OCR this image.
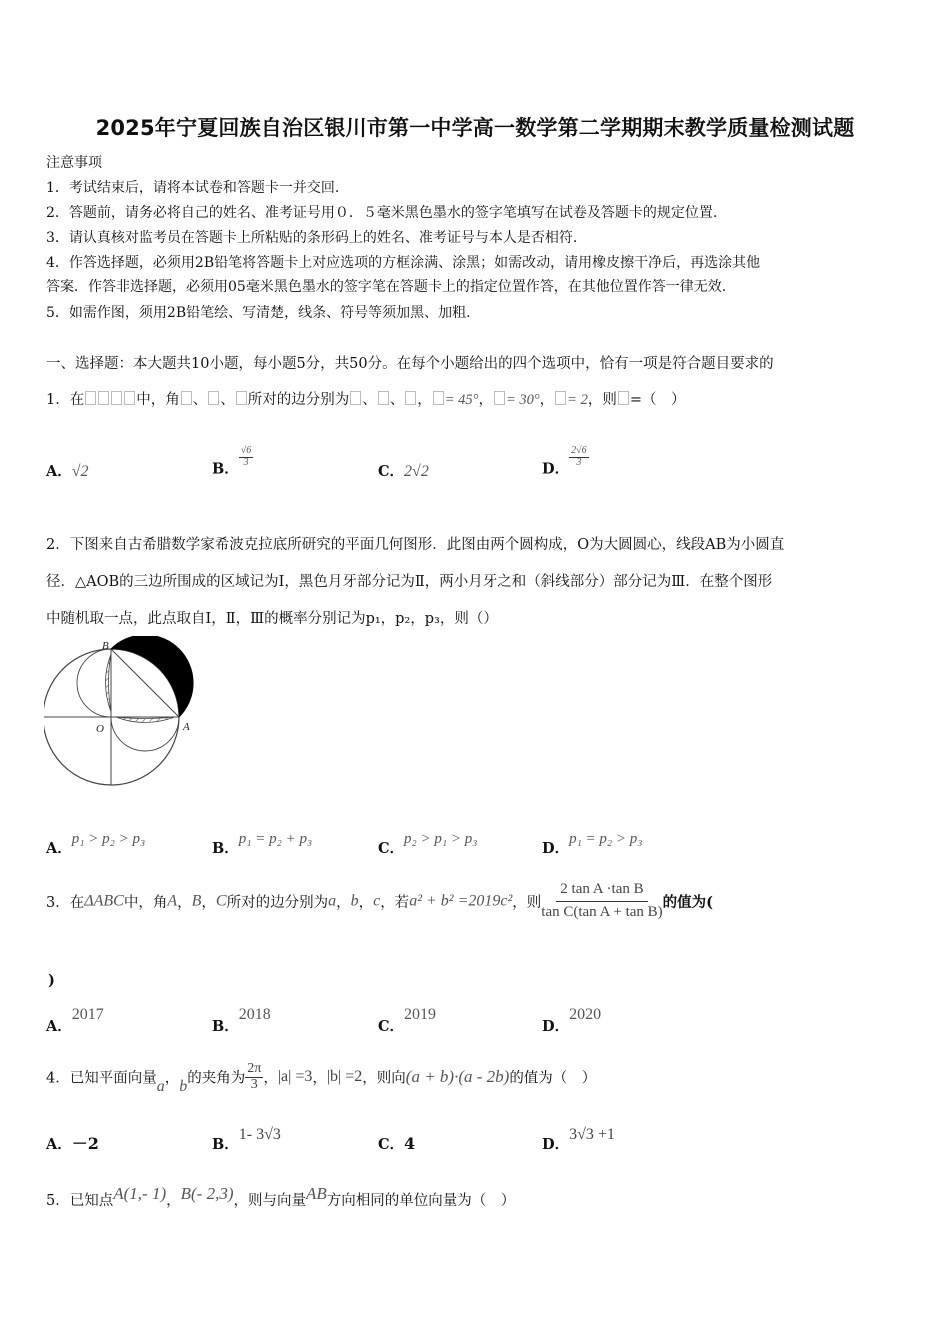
2025年宁夏回族自治区银川市第一中学高一数学第二学期期末教学质量检测试题
注意事项
1．考试结束后，请将本试卷和答题卡一并交回.
2．答题前，请务必将自己的姓名、准考证号用０．５毫米黑色墨水的签字笔填写在试卷及答题卡的规定位置.
3．请认真核对监考员在答题卡上所粘贴的条形码上的姓名、准考证号与本人是否相符.
4．作答选择题，必须用2B铅笔将答题卡上对应选项的方框涂满、涂黑；如需改动，请用橡皮擦干净后，再选涂其他
答案．作答非选择题，必须用05毫米黑色墨水的签字笔在答题卡上的指定位置作答，在其他位置作答一律无效.
5．如需作图，须用2B铅笔绘、写清楚，线条、符号等须加黑、加粗.
一、选择题：本大题共10小题，每小题5分，共50分。在每个小题给出的四个选项中，恰有一项是符合题目要求的
1．在	中，角 、 、 所对的边分别为 、 、 ， = 45°， = 30°， = 2，则 =（　）
A．√2	B．
$\frac{√6}{3}$
C．2√2	D．
$\frac{2√6}{3}$
2．下图来自古希腊数学家希波克拉底所研究的平面几何图形．此图由两个圆构成，O为大圆圆心，线段AB为小圆直
径．△AOB的三边所围成的区域记为I，黑色月牙部分记为Ⅱ，两小月牙之和（斜线部分）部分记为Ⅲ．在整个图形
中随机取一点，此点取自Ⅰ，Ⅱ，Ⅲ的概率分别记为p₁，p₂，p₃，则（）
B
O	A
A．p₁ > p₂ > p₃
B．p₁ = p₂ + p₃
C．p₂ > p₁ > p₃
D．p₁ = p₂ > p₃
3．在ΔABC中，角A，B，C所对的边分别为a，b，c，若a² + b² =2019c²，则 $\frac{\text{2 tan A ·tan B}}{\text{tan C(tan A + tan B)}}$ 的值为(
)
A．2017
B．2018
C．2019
D．2020
4．已知平面向量a，b的夹角为 $\frac{2\pi}{3}$ ，|a| =3，|b| =2，则向(a + b)·(a - 2b)的值为（　）
A．－2	B．1- 3√3
C．4	D．3√3 +1
5．已知点A(1,- 1)，B(- 2,3)，则与向量AB方向相同的单位向量为（　）
